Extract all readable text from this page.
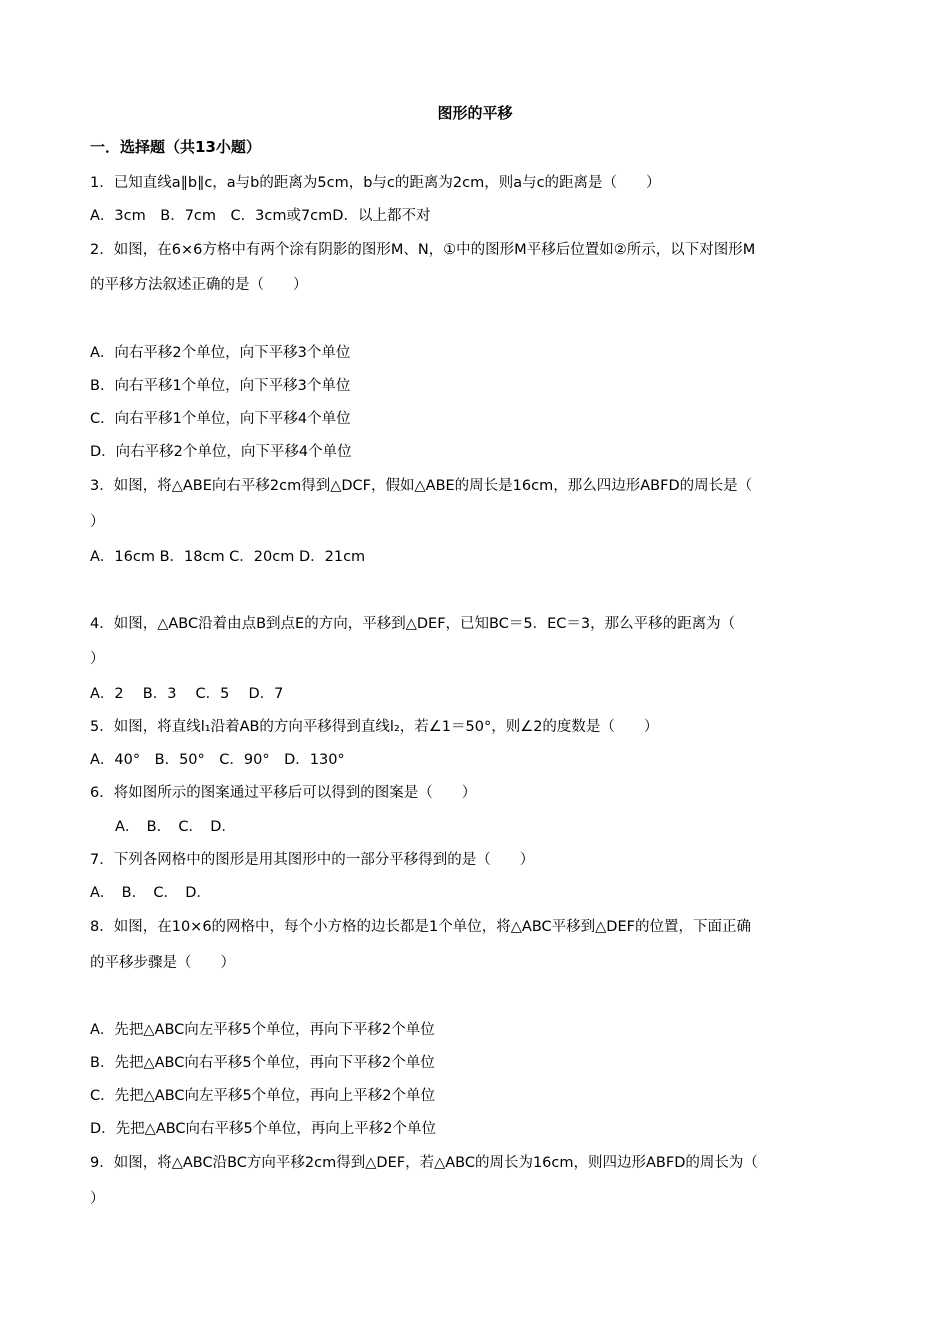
图形的平移
一．选择题（共13小题）
1．已知直线a∥b∥c，a与b的距离为5cm，b与c的距离为2cm，则a与c的距离是（　　）
A．3cm　B．7cm　C．3cm或7cmD．以上都不对
2．如图，在6×6方格中有两个涂有阴影的图形M、N，①中的图形M平移后位置如②所示，以下对图形M
的平移方法叙述正确的是（　　）
A．向右平移2个单位，向下平移3个单位
B．向右平移1个单位，向下平移3个单位
C．向右平移1个单位，向下平移4个单位
D．向右平移2个单位，向下平移4个单位
3．如图，将△ABE向右平移2cm得到△DCF，假如△ABE的周长是16cm，那么四边形ABFD的周长是（
）
A．16cm B．18cm C．20cm D．21cm
4．如图，△ABC沿着由点B到点E的方向，平移到△DEF，已知BC＝5．EC＝3，那么平移的距离为（
）
A．2　 B．3　 C．5　 D．7
5．如图，将直线l₁沿着AB的方向平移得到直线l₂，若∠1＝50°，则∠2的度数是（　　）
A．40°　B．50°　C．90°　D．130°
6．将如图所示的图案通过平移后可以得到的图案是（　　）
A．　B．　C．　D．
7．下列各网格中的图形是用其图形中的一部分平移得到的是（　　）
A．　B．　C．　D．
8．如图，在10×6的网格中，每个小方格的边长都是1个单位，将△ABC平移到△DEF的位置，下面正确
的平移步骤是（　　）
A．先把△ABC向左平移5个单位，再向下平移2个单位
B．先把△ABC向右平移5个单位，再向下平移2个单位
C．先把△ABC向左平移5个单位，再向上平移2个单位
D．先把△ABC向右平移5个单位，再向上平移2个单位
9．如图，将△ABC沿BC方向平移2cm得到△DEF，若△ABC的周长为16cm，则四边形ABFD的周长为（
）
